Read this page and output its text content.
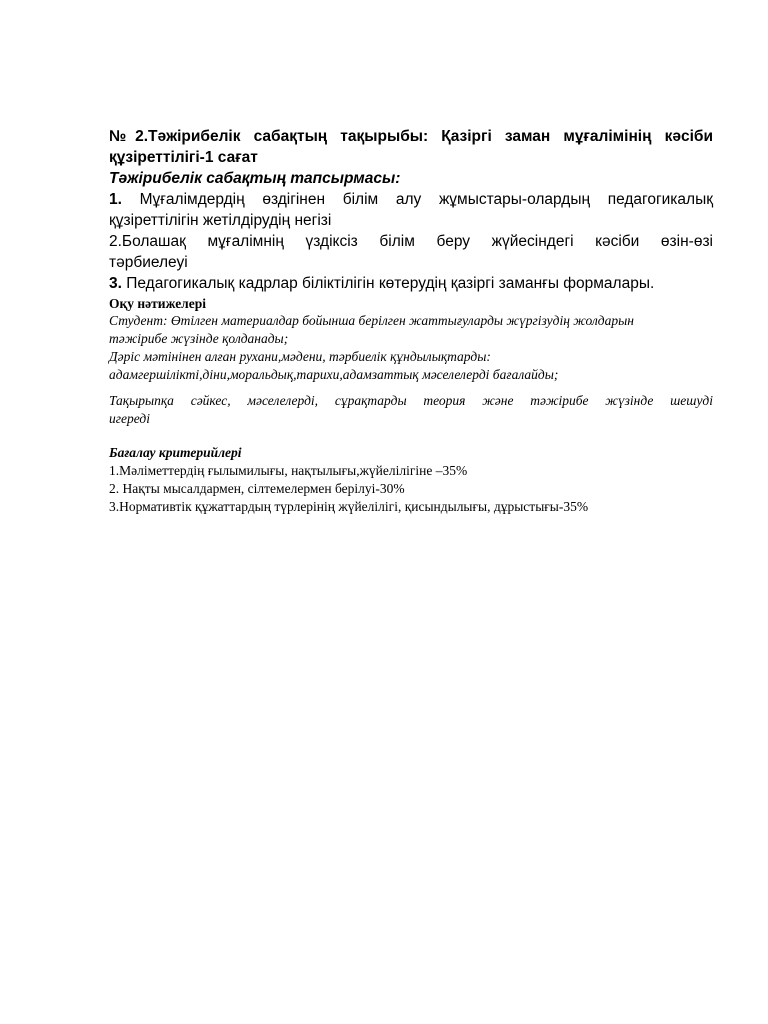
№2.Тәжірибелік сабақтың тақырыбы: Қазіргі заман мұғалімінің кәсіби
құзіреттілігі-1 сағат

Тәжірибелік сабақтың тапсырмасы:

1. Мұғалімдердің өздігінен білім алу жұмыстары-олардың педагогикалық
құзіреттілігін жетілдірудің негізі

2.Болашақ мұғалімнің үздіксіз білім беру жүйесіндегі кәсіби өзін-өзі
тәрбиелеуі

3. Педагогикалық кадрлар біліктілігін көтерудің қазіргі заманғы формалары.

Оқу нәтижелері

Студент: Өтілген материалдар бойынша берілген жаттығуларды жүргізудің жолдарын

тәжірибе жүзінде қолданады;

Дәріс мәтінінен алған рухани,мәдени, тәрбиелік құндылықтарды:

адамгершілікті,діни,моральдық,тарихи,адамзаттық мәселелерді бағалайды;

Тақырыпқа сәйкес, мәселелерді, сұрақтарды теория және тәжірибе жүзінде шешуді
игереді

Бағалау критерийлері

1.Мәліметтердің ғылымилығы, нақтылығы,жүйелілігіне –35%

2. Нақты мысалдармен, сілтемелермен берілуі-30%

3.Нормативтік құжаттардың түрлерінің жүйелілігі, қисындылығы, дұрыстығы-35%
